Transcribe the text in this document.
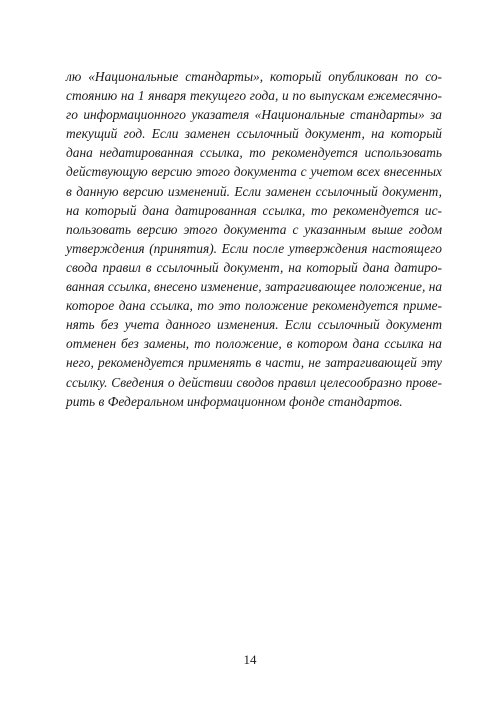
лю «Национальные стандарты», который опубликован по со-
стоянию на 1 января текущего года, и по выпускам ежемесячно-
го информационного указателя «Национальные стандарты» за
текущий год. Если заменен ссылочный документ, на который
дана недатированная ссылка, то рекомендуется использовать
действующую версию этого документа с учетом всех внесенных
в данную версию изменений. Если заменен ссылочный документ,
на который дана датированная ссылка, то рекомендуется ис-
пользовать версию этого документа с указанным выше годом
утверждения (принятия). Если после утверждения настоящего
свода правил в ссылочный документ, на который дана датиро-
ванная ссылка, внесено изменение, затрагивающее положение, на
которое дана ссылка, то это положение рекомендуется приме-
нять без учета данного изменения. Если ссылочный документ
отменен без замены, то положение, в котором дана ссылка на
него, рекомендуется применять в части, не затрагивающей эту
ссылку. Сведения о действии сводов правил целесообразно прове-
рить в Федеральном информационном фонде стандартов.
14
